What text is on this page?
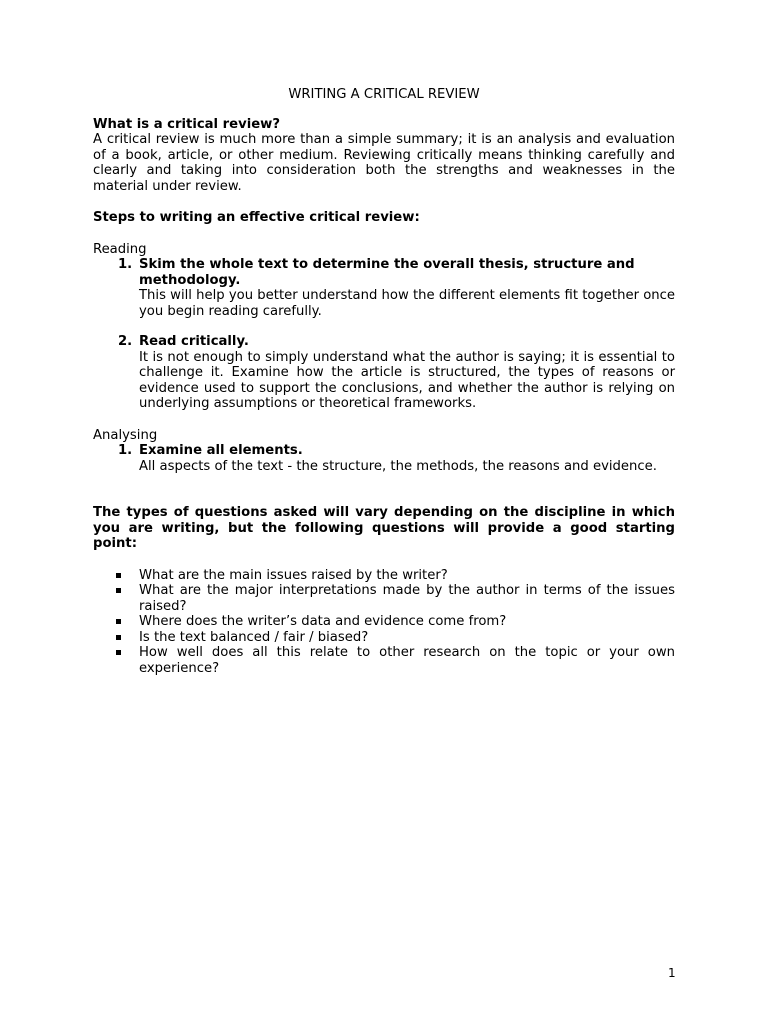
WRITING A CRITICAL REVIEW

What is a critical review?

A critical review is much more than a simple summary; it is an analysis and evaluation of a book, article, or other medium. Reviewing critically means thinking carefully and clearly and taking into consideration both the strengths and weaknesses in the material under review.

Steps to writing an effective critical review:

Reading

1. Skim the whole text to determine the overall thesis, structure and methodology.
This will help you better understand how the different elements fit together once you begin reading carefully.
2. Read critically.
It is not enough to simply understand what the author is saying; it is essential to challenge it. Examine how the article is structured, the types of reasons or evidence used to support the conclusions, and whether the author is relying on underlying assumptions or theoretical frameworks.

Analysing

1. Examine all elements.
All aspects of the text - the structure, the methods, the reasons and evidence.

The types of questions asked will vary depending on the discipline in which you are writing, but the following questions will provide a good starting point:

What are the main issues raised by the writer?
What are the major interpretations made by the author in terms of the issues raised?
Where does the writer’s data and evidence come from?
Is the text balanced / fair / biased?
How well does all this relate to other research on the topic or your own experience?
1
